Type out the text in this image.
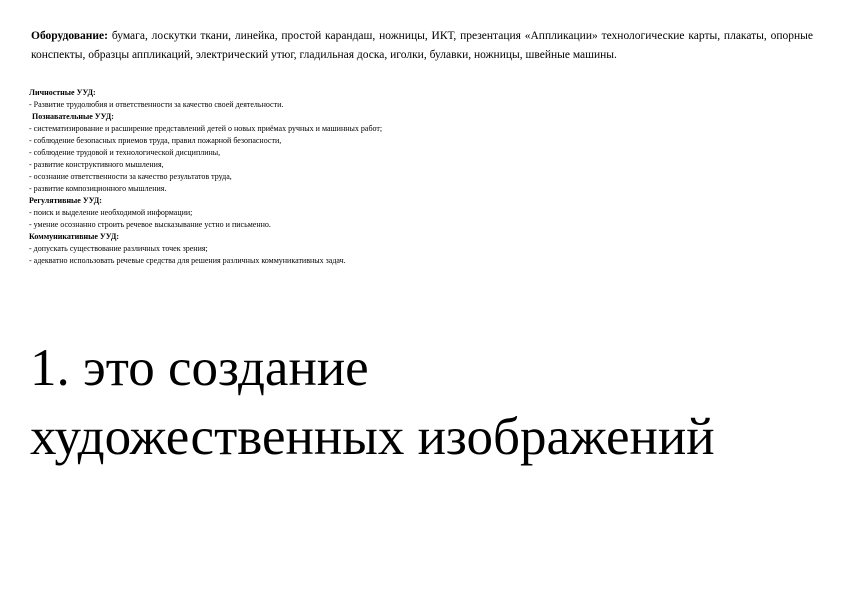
Оборудование: бумага, лоскутки ткани, линейка, простой карандаш, ножницы, ИКТ, презентация «Аппликации» технологические карты, плакаты, опорные конспекты, образцы аппликаций, электрический утюг, гладильная доска, иголки, булавки, ножницы, швейные машины.
Личностные УУД:
- Развитие трудолюбия и ответственности за качество своей деятельности.
Познавательные УУД:
- систематизирование и расширение представлений детей о новых приёмах ручных и машинных работ;
- соблюдение безопасных приемов труда, правил пожарной безопасности,
- соблюдение трудовой и технологической дисциплины,
- развитие конструктивного мышления,
- осознание ответственности за качество результатов труда,
- развитие композиционного мышления.
Регулятивные УУД:
- поиск и выделение необходимой информации;
- умение осознанно строить речевое высказывание устно и письменно.
Коммуникативные УУД:
- допускать существование различных точек зрения;
- адекватно использовать речевые средства для решения различных коммуникативных задач.
1. это создание
художественных изображений
